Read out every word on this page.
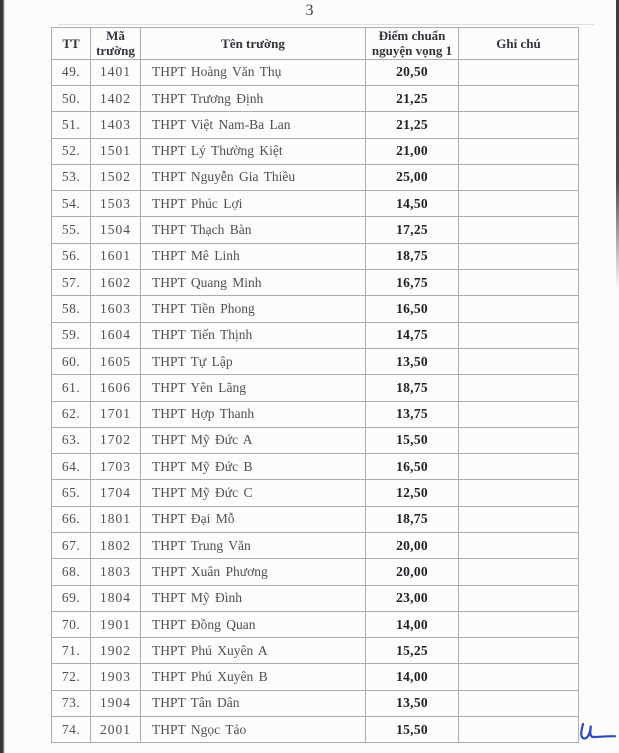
3
TT	Mã trường	Tên trường	Điểm chuẩn nguyện vọng 1	Ghi chú
49.	1401	THPT Hoàng Văn Thụ	20,50	
50.	1402	THPT Trương Định	21,25	
51.	1403	THPT Việt Nam-Ba Lan	21,25	
52.	1501	THPT Lý Thường Kiệt	21,00	
53.	1502	THPT Nguyễn Gia Thiều	25,00	
54.	1503	THPT Phúc Lợi	14,50	
55.	1504	THPT Thạch Bàn	17,25	
56.	1601	THPT Mê Linh	18,75	
57.	1602	THPT Quang Minh	16,75	
58.	1603	THPT Tiền Phong	16,50	
59.	1604	THPT Tiến Thịnh	14,75	
60.	1605	THPT Tự Lập	13,50	
61.	1606	THPT Yên Lãng	18,75	
62.	1701	THPT Hợp Thanh	13,75	
63.	1702	THPT Mỹ Đức A	15,50	
64.	1703	THPT Mỹ Đức B	16,50	
65.	1704	THPT Mỹ Đức C	12,50	
66.	1801	THPT Đại Mỗ	18,75	
67.	1802	THPT Trung Văn	20,00	
68.	1803	THPT Xuân Phương	20,00	
69.	1804	THPT Mỹ Đình	23,00	
70.	1901	THPT Đồng Quan	14,00	
71.	1902	THPT Phú Xuyên A	15,25	
72.	1903	THPT Phú Xuyên B	14,00	
73.	1904	THPT Tân Dân	13,50	
74.	2001	THPT Ngọc Tảo	15,50	
